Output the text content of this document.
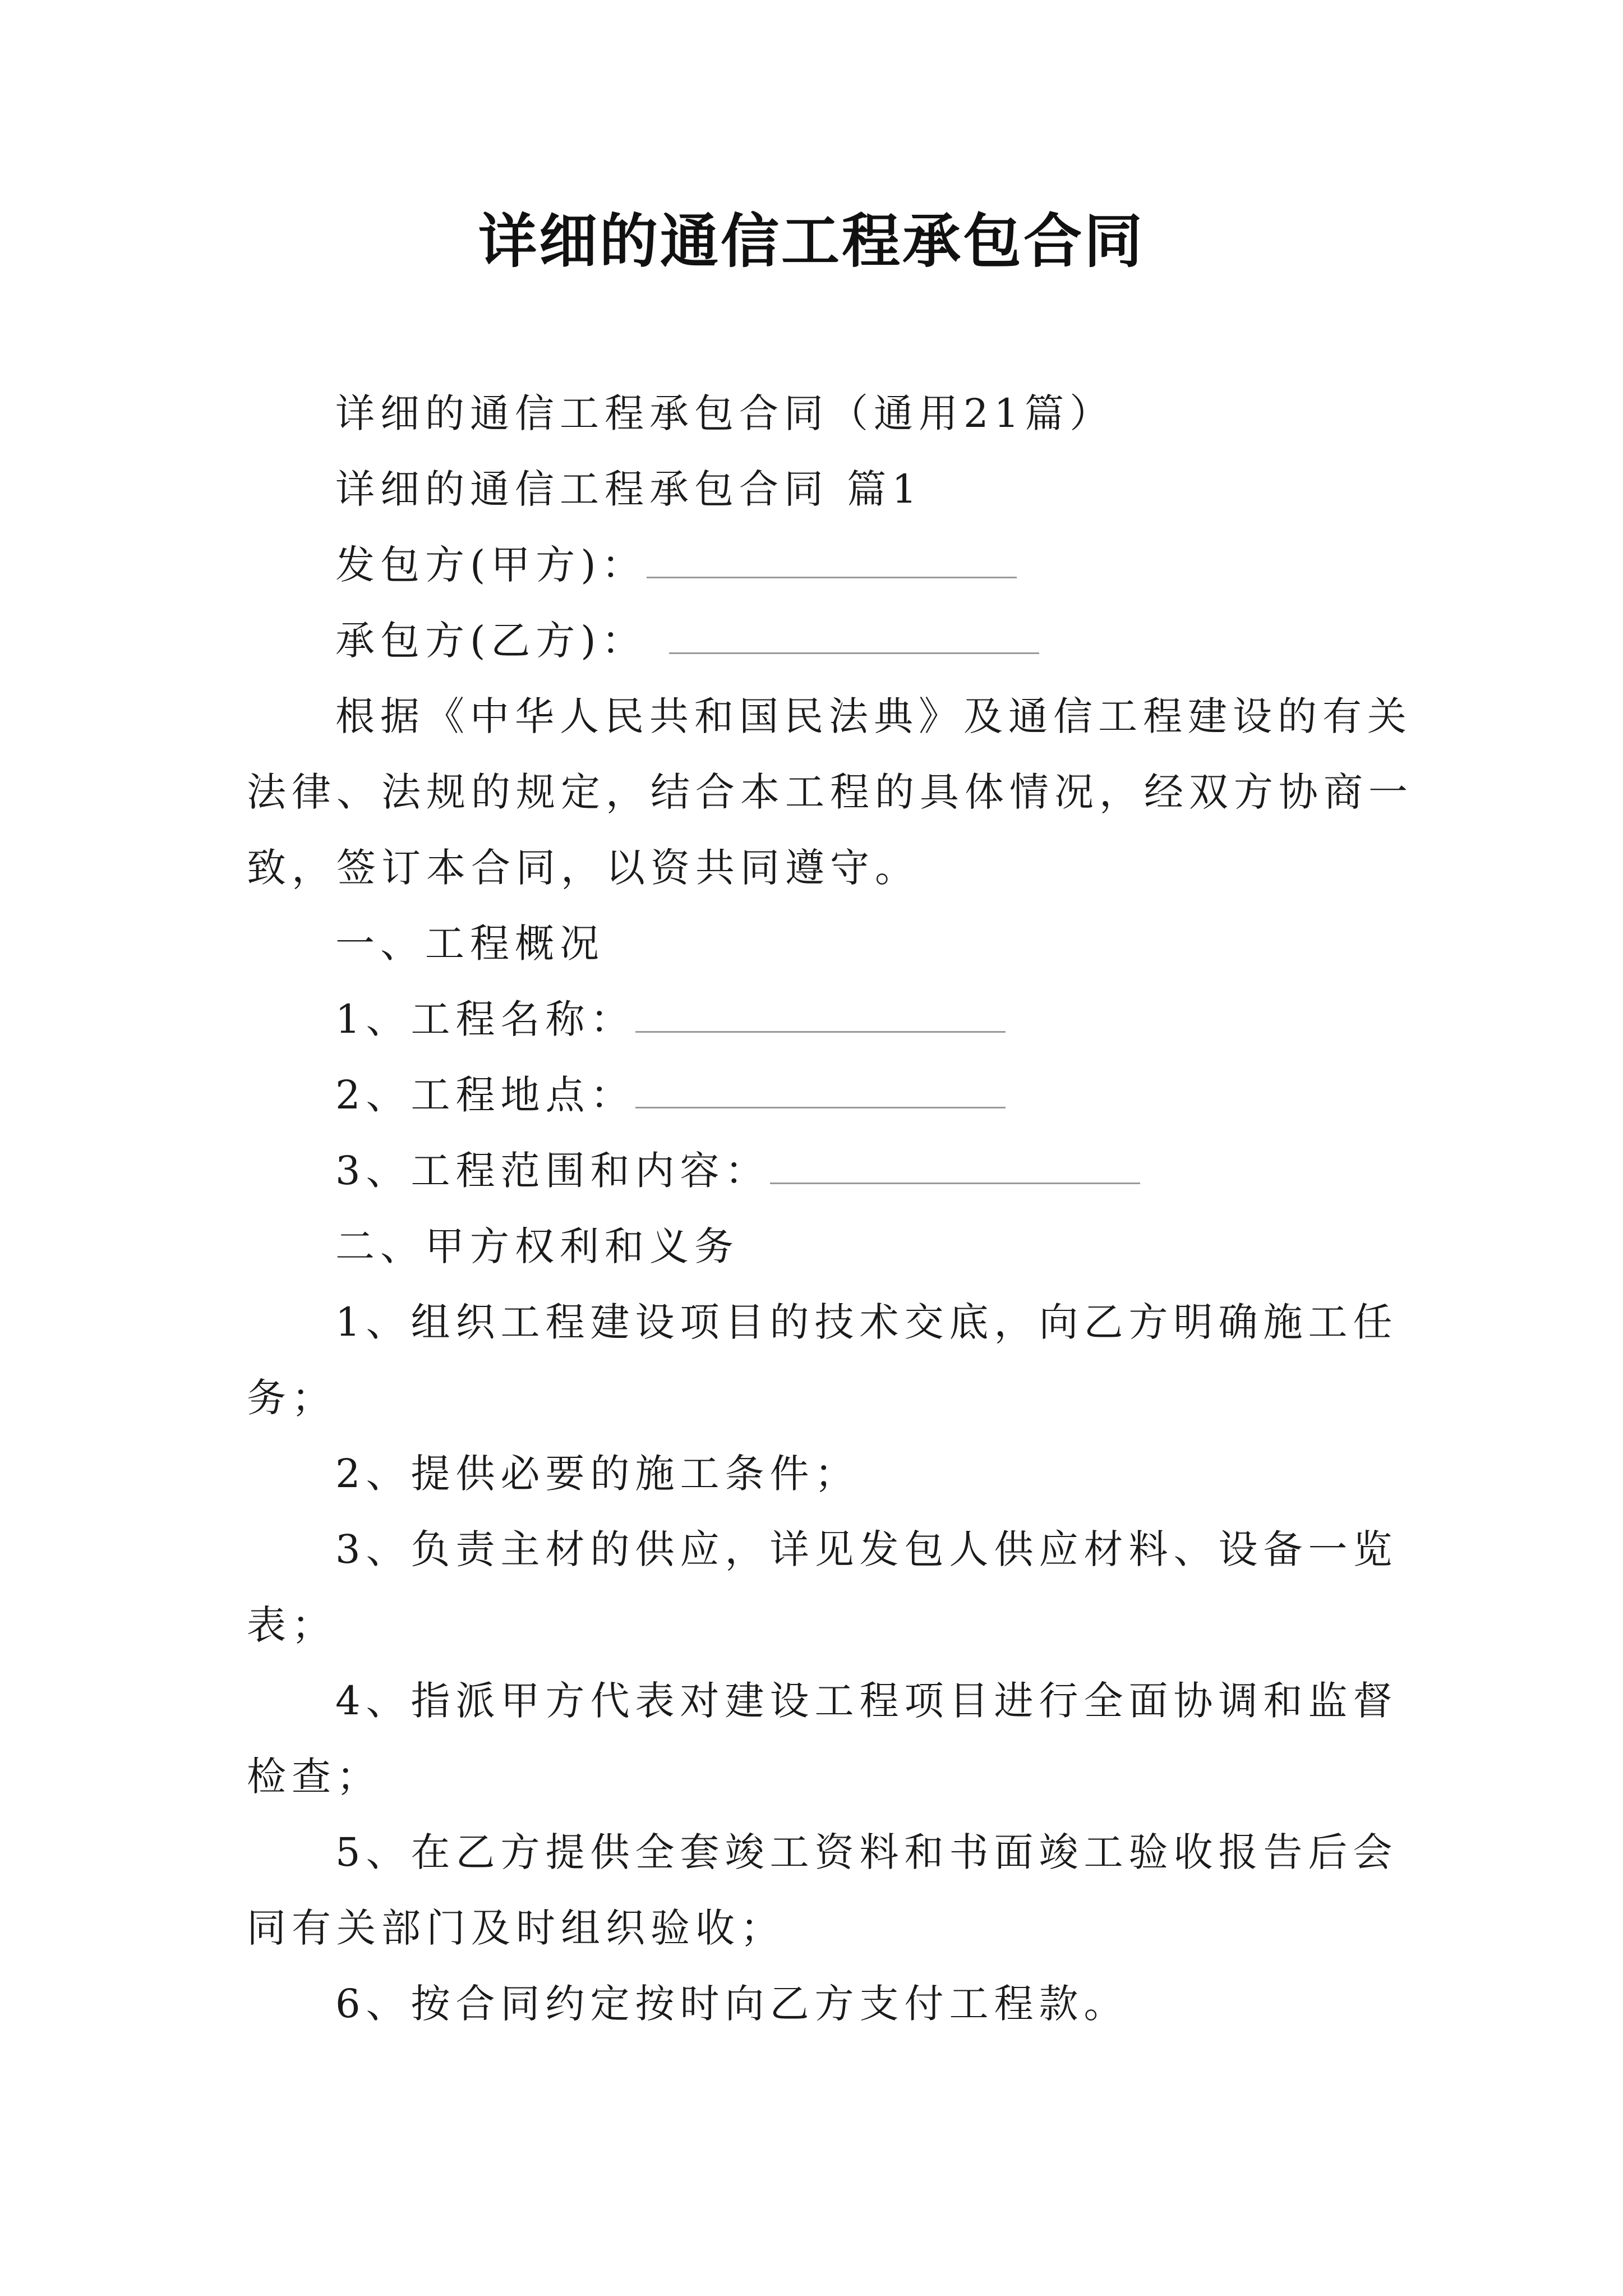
详细的通信工程承包合同
详细的通信工程承包合同（通用21篇）
详细的通信工程承包合同 篇1
发包方(甲方)：
承包方(乙方)：
根据《中华人民共和国民法典》及通信工程建设的有关
法律、法规的规定，结合本工程的具体情况，经双方协商一
致，签订本合同，以资共同遵守。
一、工程概况
1、工程名称：
2、工程地点：
3、工程范围和内容：
二、甲方权利和义务
1、组织工程建设项目的技术交底，向乙方明确施工任
务；
2、提供必要的施工条件；
3、负责主材的供应，详见发包人供应材料、设备一览
表；
4、指派甲方代表对建设工程项目进行全面协调和监督
检查；
5、在乙方提供全套竣工资料和书面竣工验收报告后会
同有关部门及时组织验收；
6、按合同约定按时向乙方支付工程款。
